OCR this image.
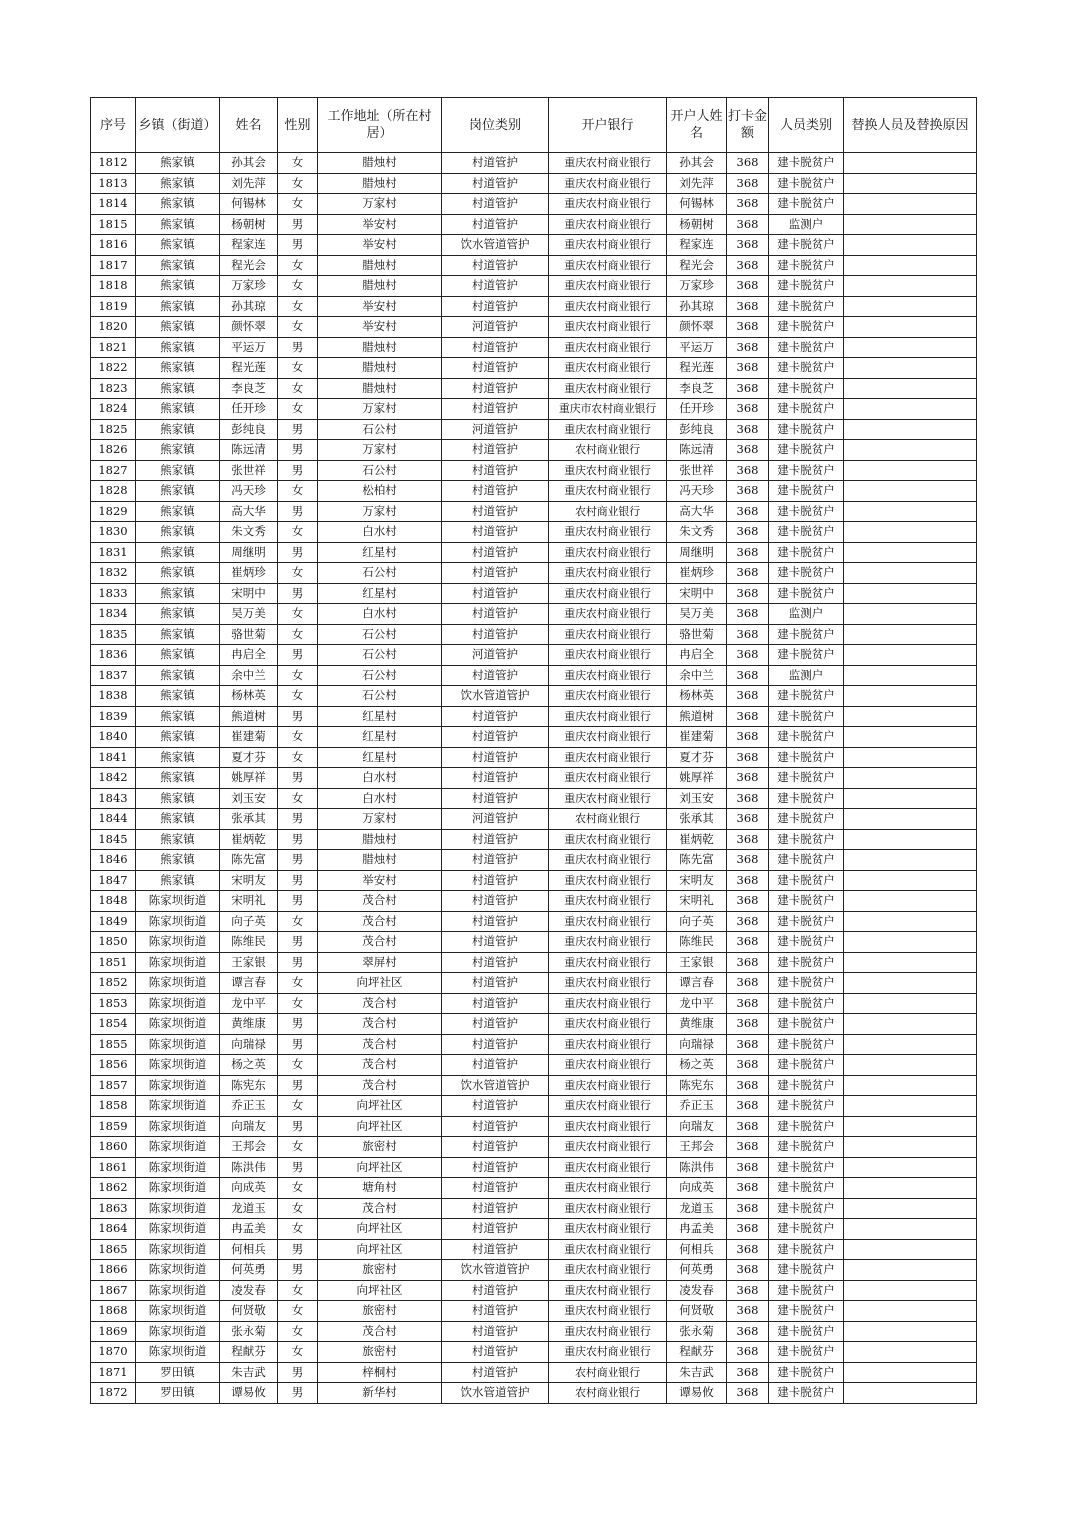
序号	乡镇（街道）	姓名	性别	工作地址（所在村居）	岗位类别	开户银行	开户人姓名	打卡金额	人员类别	替换人员及替换原因
1812	熊家镇	孙其会	女	腊烛村	村道管护	重庆农村商业银行	孙其会	368	建卡脱贫户	
1813	熊家镇	刘先萍	女	腊烛村	村道管护	重庆农村商业银行	刘先萍	368	建卡脱贫户	
1814	熊家镇	何锡林	女	万家村	村道管护	重庆农村商业银行	何锡林	368	建卡脱贫户	
1815	熊家镇	杨朝树	男	举安村	村道管护	重庆农村商业银行	杨朝树	368	监测户	
1816	熊家镇	程家连	男	举安村	饮水管道管护	重庆农村商业银行	程家连	368	建卡脱贫户	
1817	熊家镇	程光会	女	腊烛村	村道管护	重庆农村商业银行	程光会	368	建卡脱贫户	
1818	熊家镇	万家珍	女	腊烛村	村道管护	重庆农村商业银行	万家珍	368	建卡脱贫户	
1819	熊家镇	孙其琼	女	举安村	村道管护	重庆农村商业银行	孙其琼	368	建卡脱贫户	
1820	熊家镇	颜怀翠	女	举安村	河道管护	重庆农村商业银行	颜怀翠	368	建卡脱贫户	
1821	熊家镇	平运万	男	腊烛村	村道管护	重庆农村商业银行	平运万	368	建卡脱贫户	
1822	熊家镇	程光莲	女	腊烛村	村道管护	重庆农村商业银行	程光莲	368	建卡脱贫户	
1823	熊家镇	李良芝	女	腊烛村	村道管护	重庆农村商业银行	李良芝	368	建卡脱贫户	
1824	熊家镇	任开珍	女	万家村	村道管护	重庆市农村商业银行	任开珍	368	建卡脱贫户	
1825	熊家镇	彭纯良	男	石公村	河道管护	重庆农村商业银行	彭纯良	368	建卡脱贫户	
1826	熊家镇	陈远清	男	万家村	村道管护	农村商业银行	陈远清	368	建卡脱贫户	
1827	熊家镇	张世祥	男	石公村	村道管护	重庆农村商业银行	张世祥	368	建卡脱贫户	
1828	熊家镇	冯天珍	女	松柏村	村道管护	重庆农村商业银行	冯天珍	368	建卡脱贫户	
1829	熊家镇	高大华	男	万家村	村道管护	农村商业银行	高大华	368	建卡脱贫户	
1830	熊家镇	朱文秀	女	白水村	村道管护	重庆农村商业银行	朱文秀	368	建卡脱贫户	
1831	熊家镇	周继明	男	红星村	村道管护	重庆农村商业银行	周继明	368	建卡脱贫户	
1832	熊家镇	崔炳珍	女	石公村	村道管护	重庆农村商业银行	崔炳珍	368	建卡脱贫户	
1833	熊家镇	宋明中	男	红星村	村道管护	重庆农村商业银行	宋明中	368	建卡脱贫户	
1834	熊家镇	吴万美	女	白水村	村道管护	重庆农村商业银行	吴万美	368	监测户	
1835	熊家镇	骆世菊	女	石公村	村道管护	重庆农村商业银行	骆世菊	368	建卡脱贫户	
1836	熊家镇	冉启全	男	石公村	河道管护	重庆农村商业银行	冉启全	368	建卡脱贫户	
1837	熊家镇	余中兰	女	石公村	村道管护	重庆农村商业银行	余中兰	368	监测户	
1838	熊家镇	杨林英	女	石公村	饮水管道管护	重庆农村商业银行	杨林英	368	建卡脱贫户	
1839	熊家镇	熊道树	男	红星村	村道管护	重庆农村商业银行	熊道树	368	建卡脱贫户	
1840	熊家镇	崔建菊	女	红星村	村道管护	重庆农村商业银行	崔建菊	368	建卡脱贫户	
1841	熊家镇	夏才芬	女	红星村	村道管护	重庆农村商业银行	夏才芬	368	建卡脱贫户	
1842	熊家镇	姚厚祥	男	白水村	村道管护	重庆农村商业银行	姚厚祥	368	建卡脱贫户	
1843	熊家镇	刘玉安	女	白水村	村道管护	重庆农村商业银行	刘玉安	368	建卡脱贫户	
1844	熊家镇	张承其	男	万家村	河道管护	农村商业银行	张承其	368	建卡脱贫户	
1845	熊家镇	崔炳乾	男	腊烛村	村道管护	重庆农村商业银行	崔炳乾	368	建卡脱贫户	
1846	熊家镇	陈先富	男	腊烛村	村道管护	重庆农村商业银行	陈先富	368	建卡脱贫户	
1847	熊家镇	宋明友	男	举安村	村道管护	重庆农村商业银行	宋明友	368	建卡脱贫户	
1848	陈家坝街道	宋明礼	男	茂合村	村道管护	重庆农村商业银行	宋明礼	368	建卡脱贫户	
1849	陈家坝街道	向子英	女	茂合村	村道管护	重庆农村商业银行	向子英	368	建卡脱贫户	
1850	陈家坝街道	陈维民	男	茂合村	村道管护	重庆农村商业银行	陈维民	368	建卡脱贫户	
1851	陈家坝街道	王家银	男	翠屏村	村道管护	重庆农村商业银行	王家银	368	建卡脱贫户	
1852	陈家坝街道	谭言春	女	向坪社区	村道管护	重庆农村商业银行	谭言春	368	建卡脱贫户	
1853	陈家坝街道	龙中平	女	茂合村	村道管护	重庆农村商业银行	龙中平	368	建卡脱贫户	
1854	陈家坝街道	黄维康	男	茂合村	村道管护	重庆农村商业银行	黄维康	368	建卡脱贫户	
1855	陈家坝街道	向瑞禄	男	茂合村	村道管护	重庆农村商业银行	向瑞禄	368	建卡脱贫户	
1856	陈家坝街道	杨之英	女	茂合村	村道管护	重庆农村商业银行	杨之英	368	建卡脱贫户	
1857	陈家坝街道	陈宪东	男	茂合村	饮水管道管护	重庆农村商业银行	陈宪东	368	建卡脱贫户	
1858	陈家坝街道	乔正玉	女	向坪社区	村道管护	重庆农村商业银行	乔正玉	368	建卡脱贫户	
1859	陈家坝街道	向瑞友	男	向坪社区	村道管护	重庆农村商业银行	向瑞友	368	建卡脱贫户	
1860	陈家坝街道	王邦会	女	旅密村	村道管护	重庆农村商业银行	王邦会	368	建卡脱贫户	
1861	陈家坝街道	陈洪伟	男	向坪社区	村道管护	重庆农村商业银行	陈洪伟	368	建卡脱贫户	
1862	陈家坝街道	向成英	女	塘角村	村道管护	重庆农村商业银行	向成英	368	建卡脱贫户	
1863	陈家坝街道	龙道玉	女	茂合村	村道管护	重庆农村商业银行	龙道玉	368	建卡脱贫户	
1864	陈家坝街道	冉孟美	女	向坪社区	村道管护	重庆农村商业银行	冉孟美	368	建卡脱贫户	
1865	陈家坝街道	何相兵	男	向坪社区	村道管护	重庆农村商业银行	何相兵	368	建卡脱贫户	
1866	陈家坝街道	何英勇	男	旅密村	饮水管道管护	重庆农村商业银行	何英勇	368	建卡脱贫户	
1867	陈家坝街道	凌发春	女	向坪社区	村道管护	重庆农村商业银行	凌发春	368	建卡脱贫户	
1868	陈家坝街道	何贤敬	女	旅密村	村道管护	重庆农村商业银行	何贤敬	368	建卡脱贫户	
1869	陈家坝街道	张永菊	女	茂合村	村道管护	重庆农村商业银行	张永菊	368	建卡脱贫户	
1870	陈家坝街道	程献芬	女	旅密村	村道管护	重庆农村商业银行	程献芬	368	建卡脱贫户	
1871	罗田镇	朱吉武	男	梓桐村	村道管护	农村商业银行	朱吉武	368	建卡脱贫户	
1872	罗田镇	谭易攸	男	新华村	饮水管道管护	农村商业银行	谭易攸	368	建卡脱贫户	
